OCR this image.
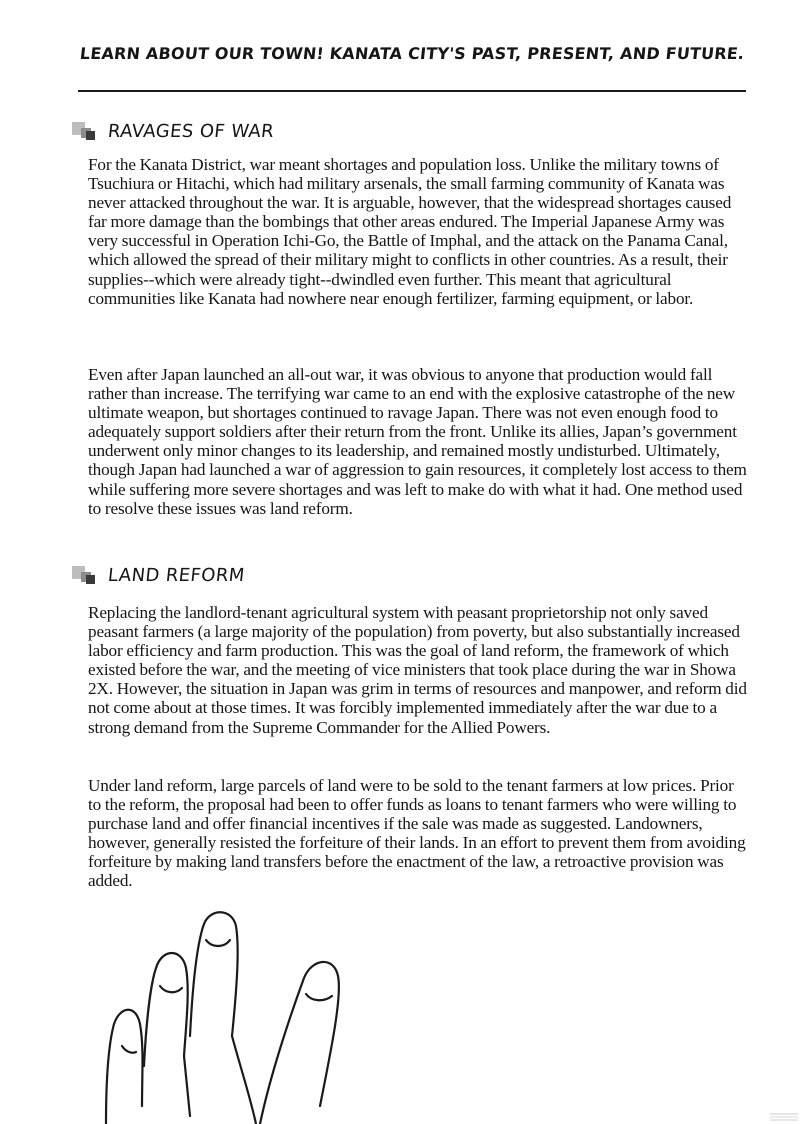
LEARN ABOUT OUR TOWN! KANATA CITY'S PAST, PRESENT, AND FUTURE.
RAVAGES OF WAR

For the Kanata District, war meant shortages and population loss. Unlike the military towns of Tsuchiura or Hitachi, which had military arsenals, the small farming community of Kanata was never attacked throughout the war. It is arguable, however, that the widespread shortages caused far more damage than the bombings that other areas endured. The Imperial Japanese Army was very successful in Operation Ichi-Go, the Battle of Imphal, and the attack on the Panama Canal, which allowed the spread of their military might to conflicts in other countries. As a result, their supplies--which were already tight--dwindled even further. This meant that agricultural communities like Kanata had nowhere near enough fertilizer, farming equipment, or labor.

Even after Japan launched an all-out war, it was obvious to anyone that production would fall rather than increase. The terrifying war came to an end with the explosive catastrophe of the new ultimate weapon, but shortages continued to ravage Japan. There was not even enough food to adequately support soldiers after their return from the front. Unlike its allies, Japan’s government underwent only minor changes to its leadership, and remained mostly undisturbed. Ultimately, though Japan had launched a war of aggression to gain resources, it completely lost access to them while suffering more severe shortages and was left to make do with what it had. One method used to resolve these issues was land reform.

LAND REFORM

Replacing the landlord-tenant agricultural system with peasant proprietorship not only saved peasant farmers (a large majority of the population) from poverty, but also substantially increased labor efficiency and farm production. This was the goal of land reform, the framework of which existed before the war, and the meeting of vice ministers that took place during the war in Showa 2X. However, the situation in Japan was grim in terms of resources and manpower, and reform did not come about at those times. It was forcibly implemented immediately after the war due to a strong demand from the Supreme Commander for the Allied Powers.

Under land reform, large parcels of land were to be sold to the tenant farmers at low prices. Prior to the reform, the proposal had been to offer funds as loans to tenant farmers who were willing to purchase land and offer financial incentives if the sale was made as suggested. Landowners, however, generally resisted the forfeiture of their lands. In an effort to prevent them from avoiding forfeiture by making land transfers before the enactment of the law, a retroactive provision was added.
